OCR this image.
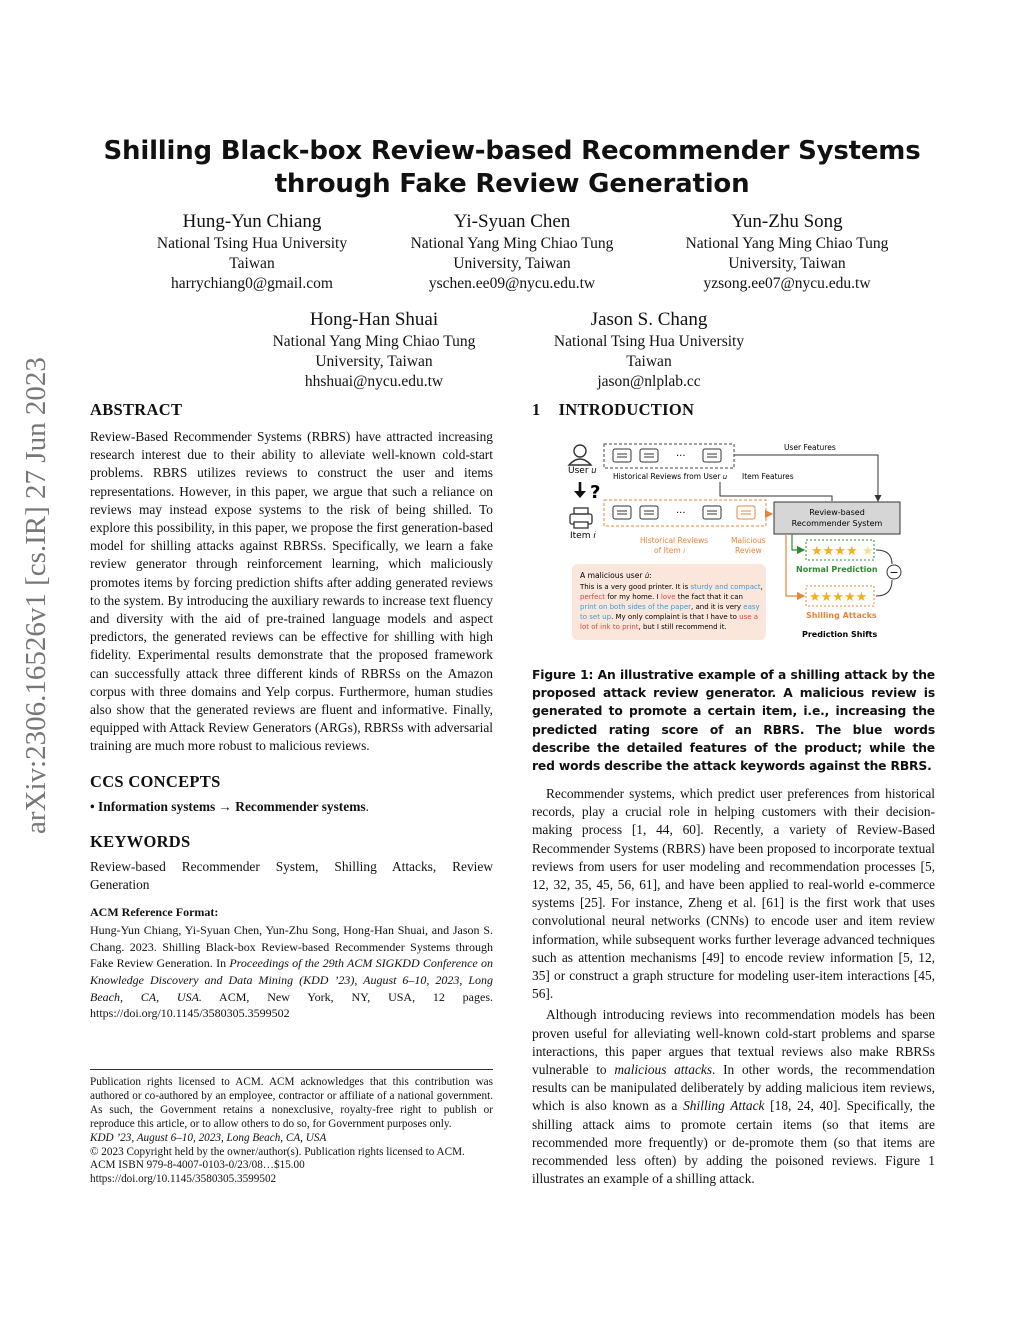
Shilling Black-box Review-based Recommender Systems through Fake Review Generation
Hung-Yun Chiang
National Tsing Hua University
Taiwan
harrychiang0@gmail.com
Yi-Syuan Chen
National Yang Ming Chiao Tung
University, Taiwan
yschen.ee09@nycu.edu.tw
Yun-Zhu Song
National Yang Ming Chiao Tung
University, Taiwan
yzsong.ee07@nycu.edu.tw
Hong-Han Shuai
National Yang Ming Chiao Tung
University, Taiwan
hhshuai@nycu.edu.tw
Jason S. Chang
National Tsing Hua University
Taiwan
jason@nlplab.cc
arXiv:2306.16526v1 [cs.IR] 27 Jun 2023 ABSTRACT
Review-Based Recommender Systems (RBRS) have attracted increasing research interest due to their ability to alleviate well-known cold-start problems. RBRS utilizes reviews to construct the user and items representations. However, in this paper, we argue that such a reliance on reviews may instead expose systems to the risk of being shilled. To explore this possibility, in this paper, we propose the first generation-based model for shilling attacks against RBRSs. Specifically, we learn a fake review generator through reinforcement learning, which maliciously promotes items by forcing prediction shifts after adding generated reviews to the system. By introducing the auxiliary rewards to increase text fluency and diversity with the aid of pre-trained language models and aspect predictors, the generated reviews can be effective for shilling with high fidelity. Experimental results demonstrate that the proposed framework can successfully attack three different kinds of RBRSs on the Amazon corpus with three domains and Yelp corpus. Furthermore, human studies also show that the generated reviews are fluent and informative. Finally, equipped with Attack Review Generators (ARGs), RBRSs with adversarial training are much more robust to malicious reviews.
CCS CONCEPTS
• Information systems → Recommender systems.
KEYWORDS
Review-based Recommender System, Shilling Attacks, Review Generation
ACM Reference Format:
Hung-Yun Chiang, Yi-Syuan Chen, Yun-Zhu Song, Hong-Han Shuai, and Jason S. Chang. 2023. Shilling Black-box Review-based Recommender Systems through Fake Review Generation. In Proceedings of the 29th ACM SIGKDD Conference on Knowledge Discovery and Data Mining (KDD ’23), August 6–10, 2023, Long Beach, CA, USA. ACM, New York, NY, USA, 12 pages. https://doi.org/10.1145/3580305.3599502
Publication rights licensed to ACM. ACM acknowledges that this contribution was authored or co-authored by an employee, contractor or affiliate of a national government. As such, the Government retains a nonexclusive, royalty-free right to publish or reproduce this article, or to allow others to do so, for Government purposes only.
KDD ’23, August 6–10, 2023, Long Beach, CA, USA
© 2023 Copyright held by the owner/author(s). Publication rights licensed to ACM.
ACM ISBN 979-8-4007-0103-0/23/08…$15.00
https://doi.org/10.1145/3580305.3599502
1 INTRODUCTION
User 𝑢
?
Item 𝑖
···
Historical Reviews from User 𝑢
User Features
Item Features
···
Historical Reviews
of Item 𝑖
Malicious
Review
Review-based
Recommender System
★★★★ ★
Normal Prediction
★★★★★
Shilling Attacks
−
Prediction Shifts
A malicious user 𝑢̂:
This is a very good printer. It is sturdy and compact,
perfect for my home. I love the fact that it can
print on both sides of the paper, and it is very easy
to set up. My only complaint is that I have to use a
lot of ink to print, but I still recommend it.
Figure 1: An illustrative example of a shilling attack by the proposed attack review generator. A malicious review is generated to promote a certain item, i.e., increasing the predicted rating score of an RBRS. The blue words describe the detailed features of the product; while the red words describe the attack keywords against the RBRS.
Recommender systems, which predict user preferences from historical records, play a crucial role in helping customers with their decision-making process [1, 44, 60]. Recently, a variety of Review-Based Recommender Systems (RBRS) have been proposed to incorporate textual reviews from users for user modeling and recommendation processes [5, 12, 32, 35, 45, 56, 61], and have been applied to real-world e-commerce systems [25]. For instance, Zheng et al. [61] is the first work that uses convolutional neural networks (CNNs) to encode user and item review information, while subsequent works further leverage advanced techniques such as attention mechanisms [49] to encode review information [5, 12, 35] or construct a graph structure for modeling user-item interactions [45, 56].
Although introducing reviews into recommendation models has been proven useful for alleviating well-known cold-start problems and sparse interactions, this paper argues that textual reviews also make RBRSs vulnerable to malicious attacks. In other words, the recommendation results can be manipulated deliberately by adding malicious item reviews, which is also known as a Shilling Attack [18, 24, 40]. Specifically, the shilling attack aims to promote certain items (so that items are recommended more frequently) or de-promote them (so that items are recommended less often) by adding the poisoned reviews. Figure 1 illustrates an example of a shilling attack.
